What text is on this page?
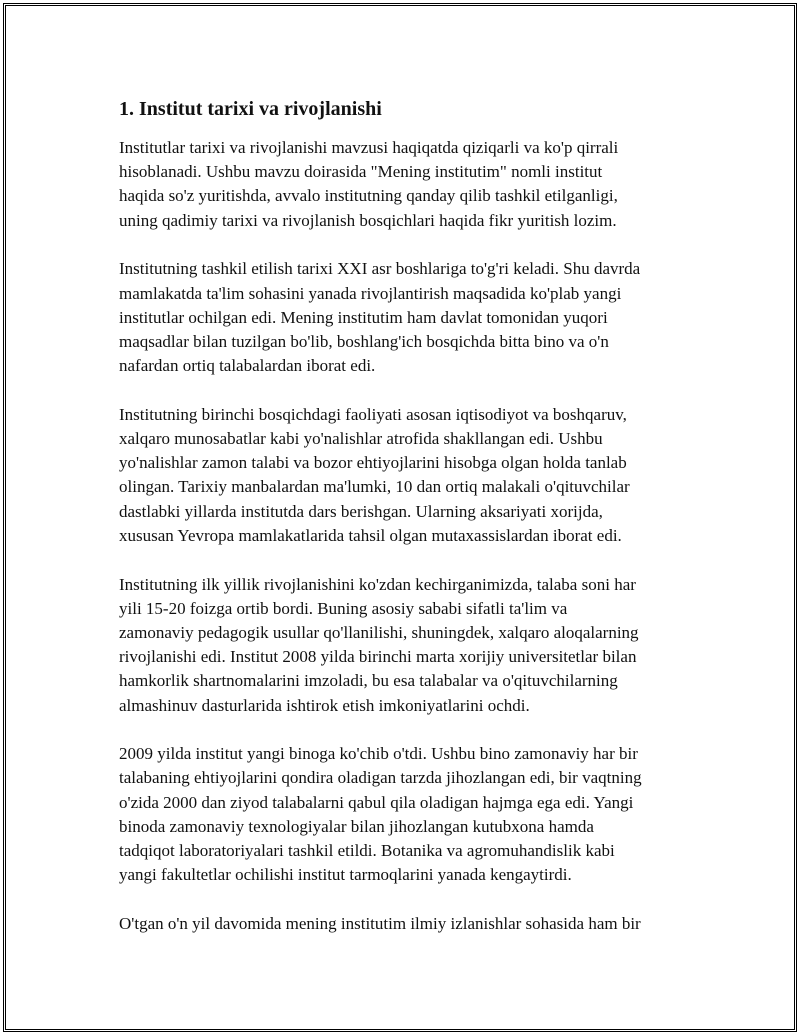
1. Institut tarixi va rivojlanishi

Institutlar tarixi va rivojlanishi mavzusi haqiqatda qiziqarli va ko'p qirrali
hisoblanadi. Ushbu mavzu doirasida "Mening institutim" nomli institut
haqida so'z yuritishda, avvalo institutning qanday qilib tashkil etilganligi,
uning qadimiy tarixi va rivojlanish bosqichlari haqida fikr yuritish lozim.

Institutning tashkil etilish tarixi XXI asr boshlariga to'g'ri keladi. Shu davrda
mamlakatda ta'lim sohasini yanada rivojlantirish maqsadida ko'plab yangi
institutlar ochilgan edi. Mening institutim ham davlat tomonidan yuqori
maqsadlar bilan tuzilgan bo'lib, boshlang'ich bosqichda bitta bino va o'n
nafardan ortiq talabalardan iborat edi.

Institutning birinchi bosqichdagi faoliyati asosan iqtisodiyot va boshqaruv,
xalqaro munosabatlar kabi yo'nalishlar atrofida shakllangan edi. Ushbu
yo'nalishlar zamon talabi va bozor ehtiyojlarini hisobga olgan holda tanlab
olingan. Tarixiy manbalardan ma'lumki, 10 dan ortiq malakali o'qituvchilar
dastlabki yillarda institutda dars berishgan. Ularning aksariyati xorijda,
xususan Yevropa mamlakatlarida tahsil olgan mutaxassislardan iborat edi.

Institutning ilk yillik rivojlanishini ko'zdan kechirganimizda, talaba soni har
yili 15-20 foizga ortib bordi. Buning asosiy sababi sifatli ta'lim va
zamonaviy pedagogik usullar qo'llanilishi, shuningdek, xalqaro aloqalarning
rivojlanishi edi. Institut 2008 yilda birinchi marta xorijiy universitetlar bilan
hamkorlik shartnomalarini imzoladi, bu esa talabalar va o'qituvchilarning
almashinuv dasturlarida ishtirok etish imkoniyatlarini ochdi.

2009 yilda institut yangi binoga ko'chib o'tdi. Ushbu bino zamonaviy har bir
talabaning ehtiyojlarini qondira oladigan tarzda jihozlangan edi, bir vaqtning
o'zida 2000 dan ziyod talabalarni qabul qila oladigan hajmga ega edi. Yangi
binoda zamonaviy texnologiyalar bilan jihozlangan kutubxona hamda
tadqiqot laboratoriyalari tashkil etildi. Botanika va agromuhandislik kabi
yangi fakultetlar ochilishi institut tarmoqlarini yanada kengaytirdi.

O'tgan o'n yil davomida mening institutim ilmiy izlanishlar sohasida ham bir
